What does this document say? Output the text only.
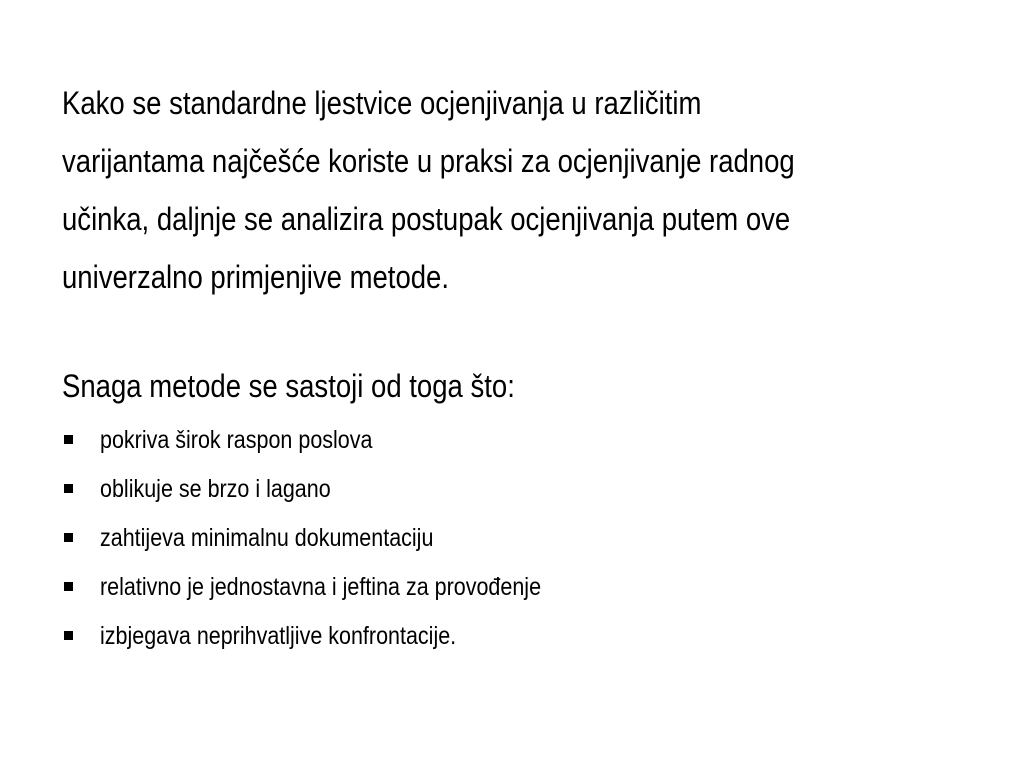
Kako se standardne ljestvice ocjenjivanja u različitim
varijantama najčešće koriste u praksi za ocjenjivanje radnog
učinka, daljnje se analizira postupak ocjenjivanja putem ove
univerzalno primjenjive metode.

Snaga metode se sastoji od toga što:
pokriva širok raspon poslova
oblikuje se brzo i lagano
zahtijeva minimalnu dokumentaciju
relativno je jednostavna i jeftina za provođenje
izbjegava neprihvatljive konfrontacije.
